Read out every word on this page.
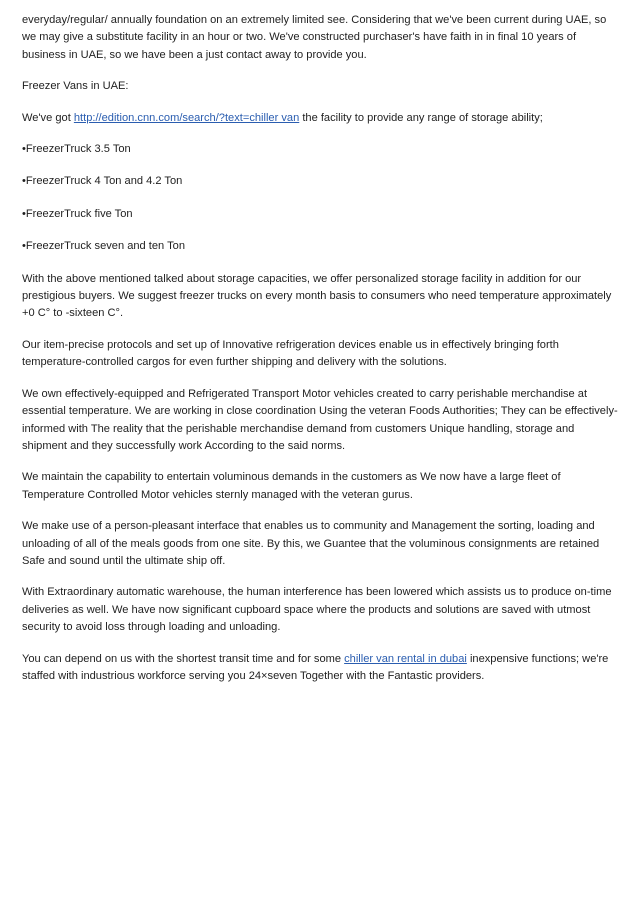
everyday/regular/ annually foundation on an extremely limited see. Considering that we've been current during UAE, so we may give a substitute facility in an hour or two. We've constructed purchaser's have faith in in final 10 years of business in UAE, so we have been a just contact away to provide you.

Freezer Vans in UAE:

We've got http://edition.cnn.com/search/?text=chiller van the facility to provide any range of storage ability;

•FreezerTruck 3.5 Ton

•FreezerTruck 4 Ton and 4.2 Ton

•FreezerTruck five Ton

•FreezerTruck seven and ten Ton

With the above mentioned talked about storage capacities, we offer personalized storage facility in addition for our prestigious buyers. We suggest freezer trucks on every month basis to consumers who need temperature approximately +0 C° to -sixteen C°.

Our item-precise protocols and set up of Innovative refrigeration devices enable us in effectively bringing forth temperature-controlled cargos for even further shipping and delivery with the solutions.

We own effectively-equipped and Refrigerated Transport Motor vehicles created to carry perishable merchandise at essential temperature. We are working in close coordination Using the veteran Foods Authorities; They can be effectively-informed with The reality that the perishable merchandise demand from customers Unique handling, storage and shipment and they successfully work According to the said norms.

We maintain the capability to entertain voluminous demands in the customers as We now have a large fleet of Temperature Controlled Motor vehicles sternly managed with the veteran gurus.

We make use of a person-pleasant interface that enables us to community and Management the sorting, loading and unloading of all of the meals goods from one site. By this, we Guantee that the voluminous consignments are retained Safe and sound until the ultimate ship off.

With Extraordinary automatic warehouse, the human interference has been lowered which assists us to produce on-time deliveries as well. We have now significant cupboard space where the products and solutions are saved with utmost security to avoid loss through loading and unloading.

You can depend on us with the shortest transit time and for some chiller van rental in dubai inexpensive functions; we're staffed with industrious workforce serving you 24×seven Together with the Fantastic providers.
